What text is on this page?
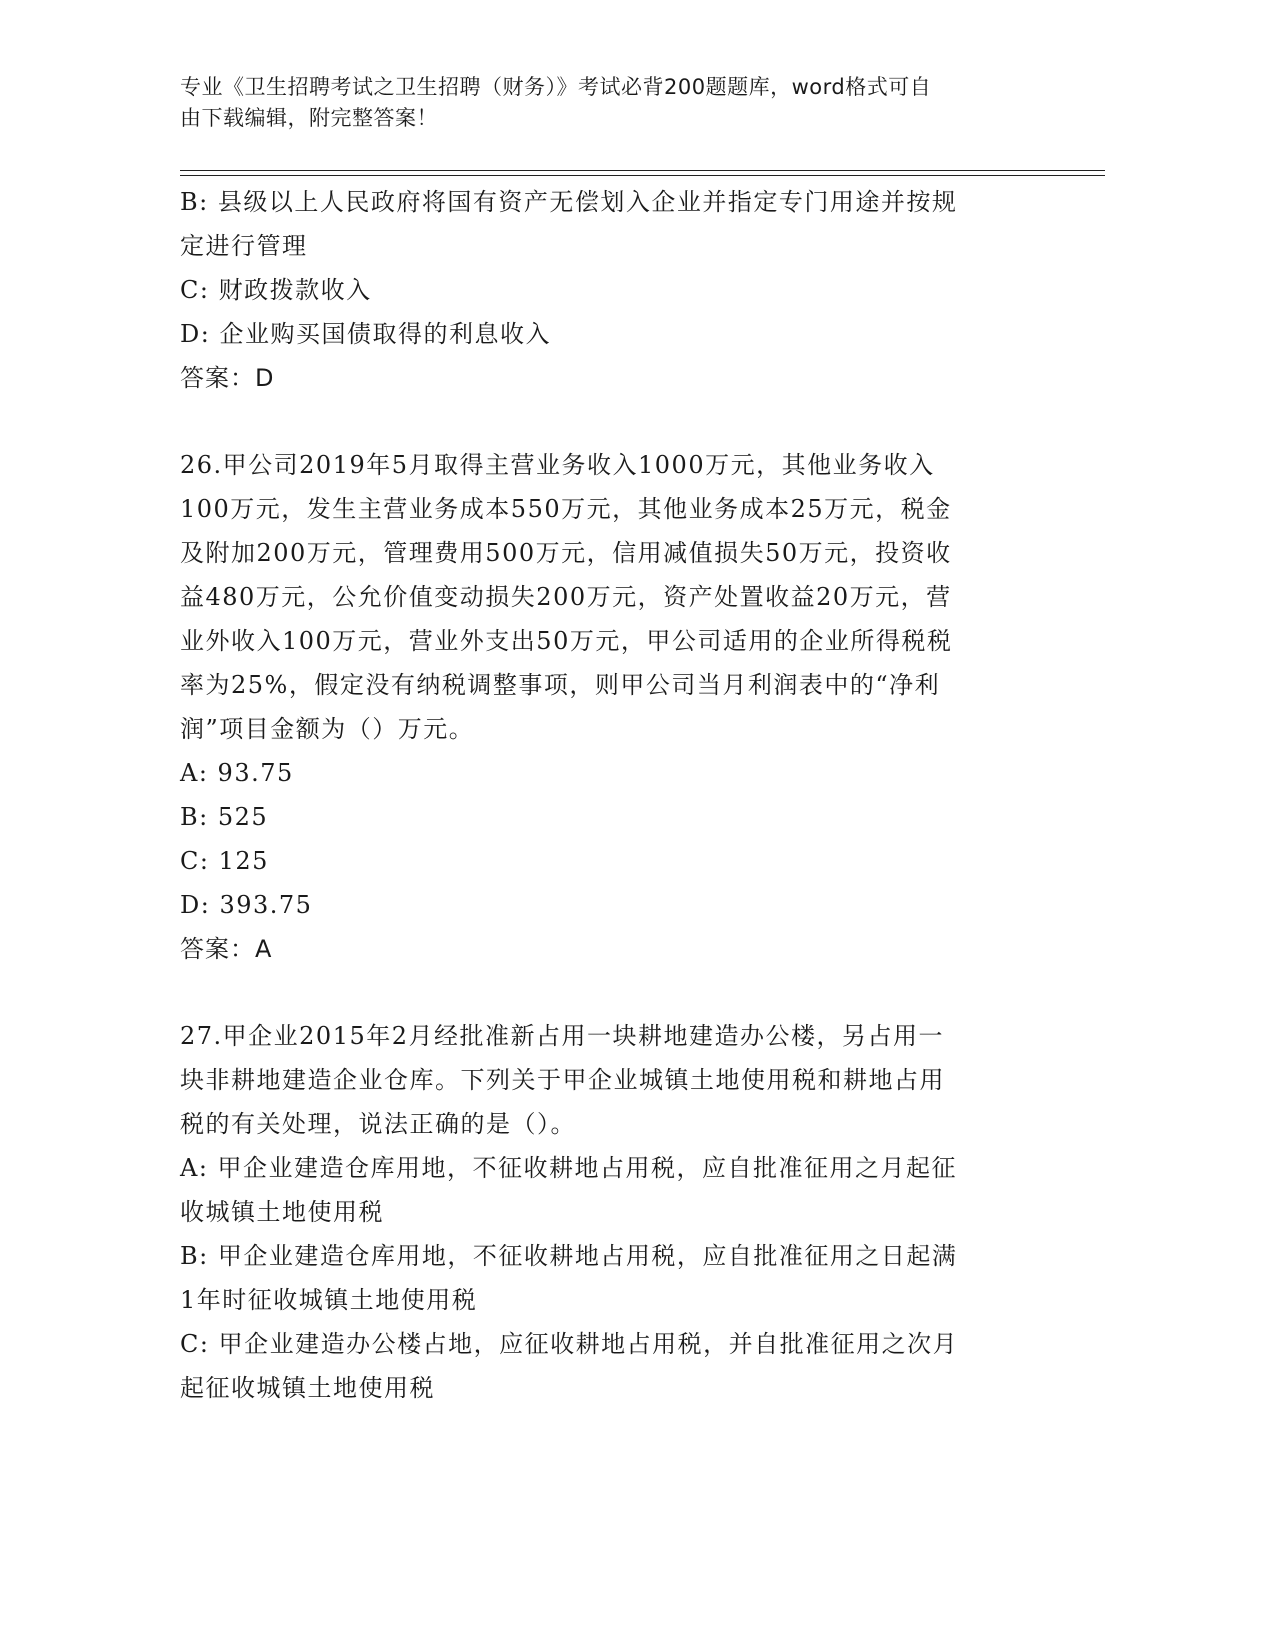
专业《卫生招聘考试之卫生招聘（财务）》考试必背200题题库，word格式可自
由下载编辑，附完整答案！
B: 县级以上人民政府将国有资产无偿划入企业并指定专门用途并按规
定进行管理
C: 财政拨款收入
D: 企业购买国债取得的利息收入
答案：D
26.甲公司2019年5月取得主营业务收入1000万元，其他业务收入
100万元，发生主营业务成本550万元，其他业务成本25万元，税金
及附加200万元，管理费用500万元，信用减值损失50万元，投资收
益480万元，公允价值变动损失200万元，资产处置收益20万元，营
业外收入100万元，营业外支出50万元，甲公司适用的企业所得税税
率为25%，假定没有纳税调整事项，则甲公司当月利润表中的“净利
润”项目金额为（）万元。
A: 93.75
B: 525
C: 125
D: 393.75
答案：A
27.甲企业2015年2月经批准新占用一块耕地建造办公楼，另占用一
块非耕地建造企业仓库。下列关于甲企业城镇土地使用税和耕地占用
税的有关处理，说法正确的是（）。
A: 甲企业建造仓库用地，不征收耕地占用税，应自批准征用之月起征
收城镇土地使用税
B: 甲企业建造仓库用地，不征收耕地占用税，应自批准征用之日起满
1年时征收城镇土地使用税
C: 甲企业建造办公楼占地，应征收耕地占用税，并自批准征用之次月
起征收城镇土地使用税
